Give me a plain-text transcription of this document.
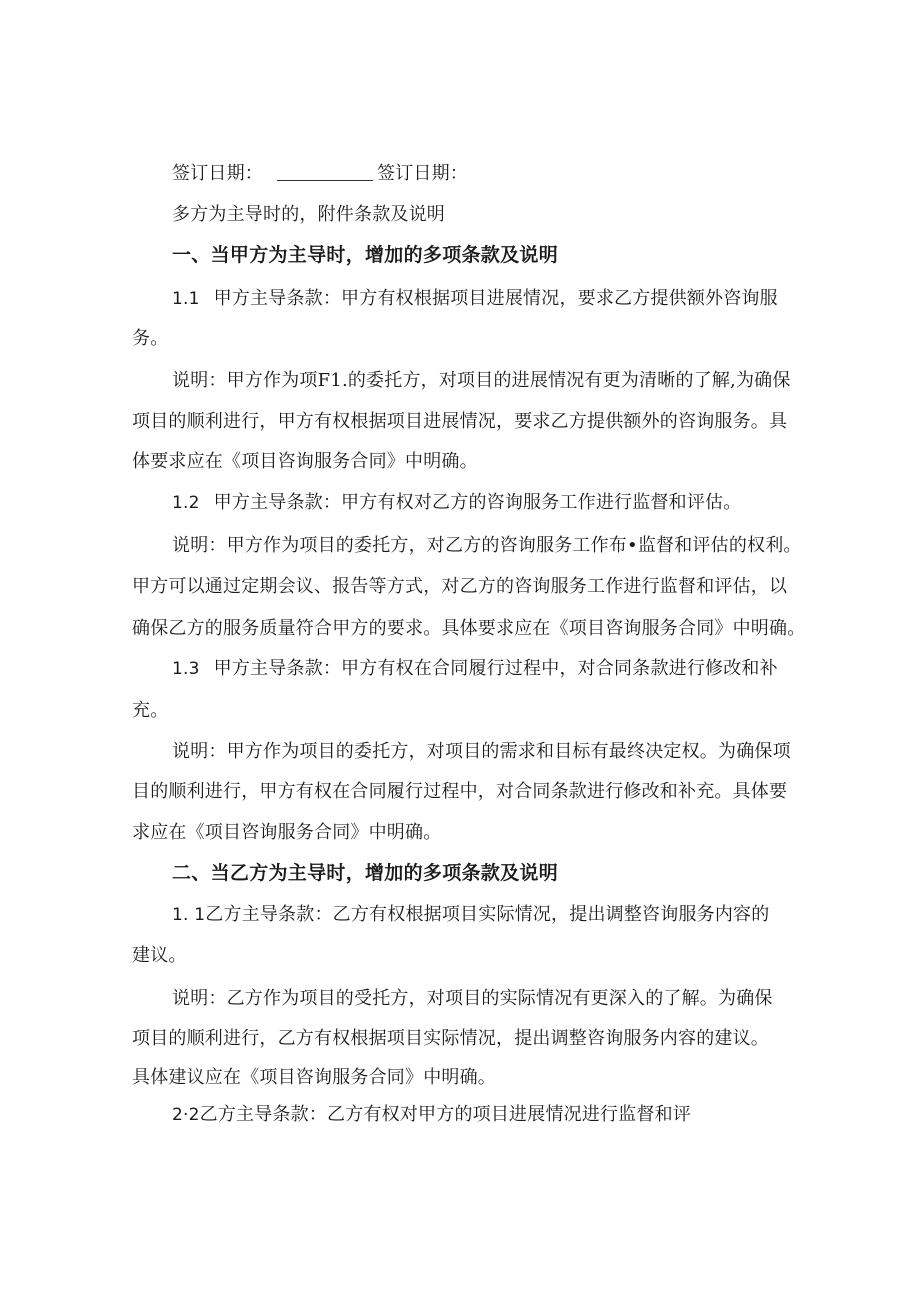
签订日期：	签订日期：
多方为主导时的，附件条款及说明
一、当甲方为主导时，增加的多项条款及说明
1.1 甲方主导条款：甲方有权根据项目进展情况，要求乙方提供额外咨询服
务。
说明：甲方作为项F1.的委托方，对项目的进展情况有更为清晰的了解,为确保
项目的顺利进行，甲方有权根据项目进展情况，要求乙方提供额外的咨询服务。具
体要求应在《项目咨询服务合同》中明确。
1.2 甲方主导条款：甲方有权对乙方的咨询服务工作进行监督和评估。
说明：甲方作为项目的委托方，对乙方的咨询服务工作布•监督和评估的权利。
甲方可以通过定期会议、报告等方式，对乙方的咨询服务工作进行监督和评估，以
确保乙方的服务质量符合甲方的要求。具体要求应在《项目咨询服务合同》中明确。
1.3 甲方主导条款：甲方有权在合同履行过程中，对合同条款进行修改和补
充。
说明：甲方作为项目的委托方，对项目的需求和目标有最终决定权。为确保项
目的顺利进行，甲方有权在合同履行过程中，对合同条款进行修改和补充。具体要
求应在《项目咨询服务合同》中明确。
二、当乙方为主导时，增加的多项条款及说明
1. 1乙方主导条款：乙方有权根据项目实际情况，提出调整咨询服务内容的
建议。
说明：乙方作为项目的受托方，对项目的实际情况有更深入的了解。为确保
项目的顺利进行，乙方有权根据项目实际情况，提出调整咨询服务内容的建议。
具体建议应在《项目咨询服务合同》中明确。
2·2乙方主导条款：乙方有权对甲方的项目进展情况进行监督和评
